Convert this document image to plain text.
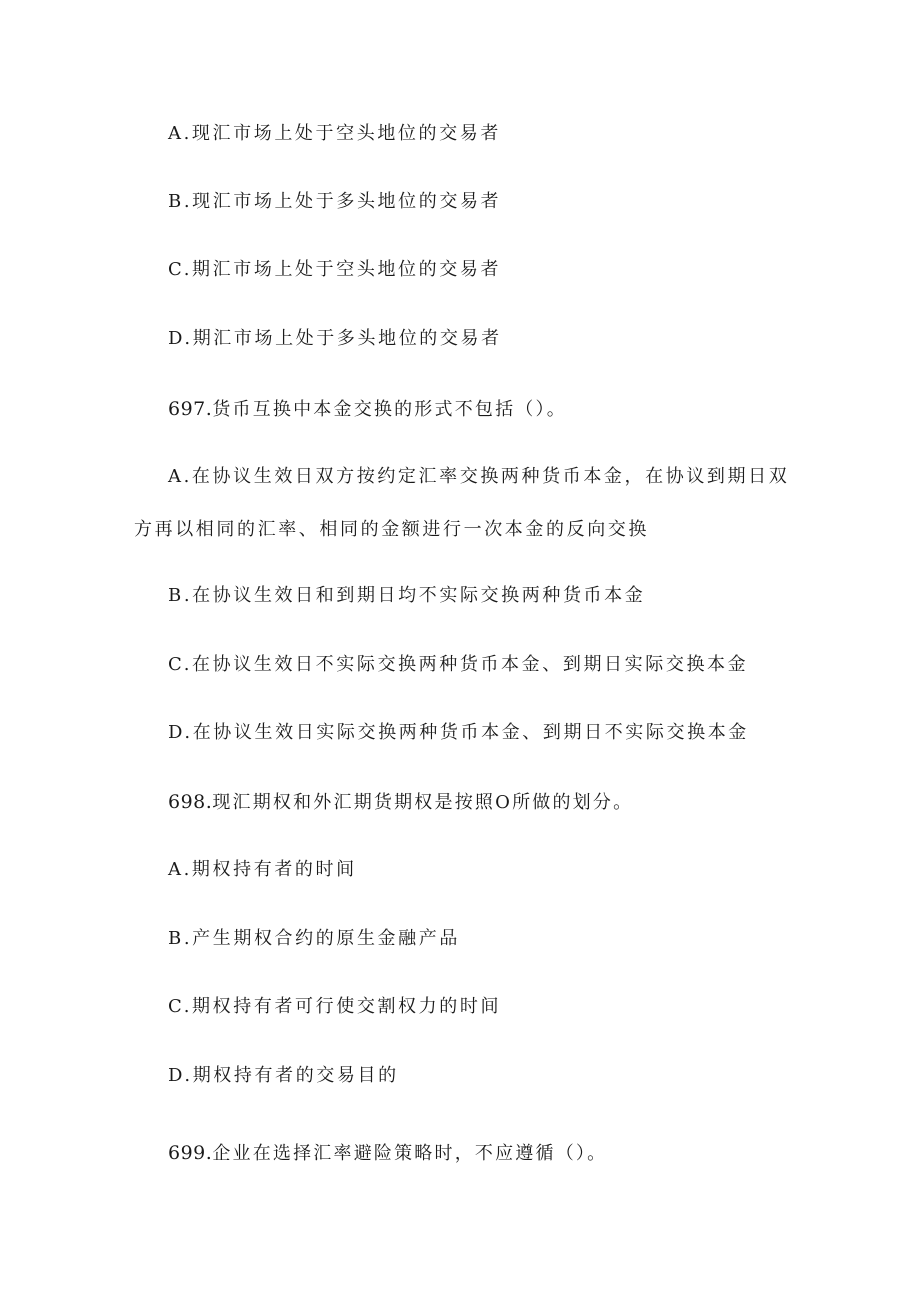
A.现汇市场上处于空头地位的交易者
B.现汇市场上处于多头地位的交易者
C.期汇市场上处于空头地位的交易者
D.期汇市场上处于多头地位的交易者
697.货币互换中本金交换的形式不包括（）。
A.在协议生效日双方按约定汇率交换两种货币本金，在协议到期日双
方再以相同的汇率、相同的金额进行一次本金的反向交换
B.在协议生效日和到期日均不实际交换两种货币本金
C.在协议生效日不实际交换两种货币本金、到期日实际交换本金
D.在协议生效日实际交换两种货币本金、到期日不实际交换本金
698.现汇期权和外汇期货期权是按照O所做的划分。
A.期权持有者的时间
B.产生期权合约的原生金融产品
C.期权持有者可行使交割权力的时间
D.期权持有者的交易目的
699.企业在选择汇率避险策略时，不应遵循（）。
